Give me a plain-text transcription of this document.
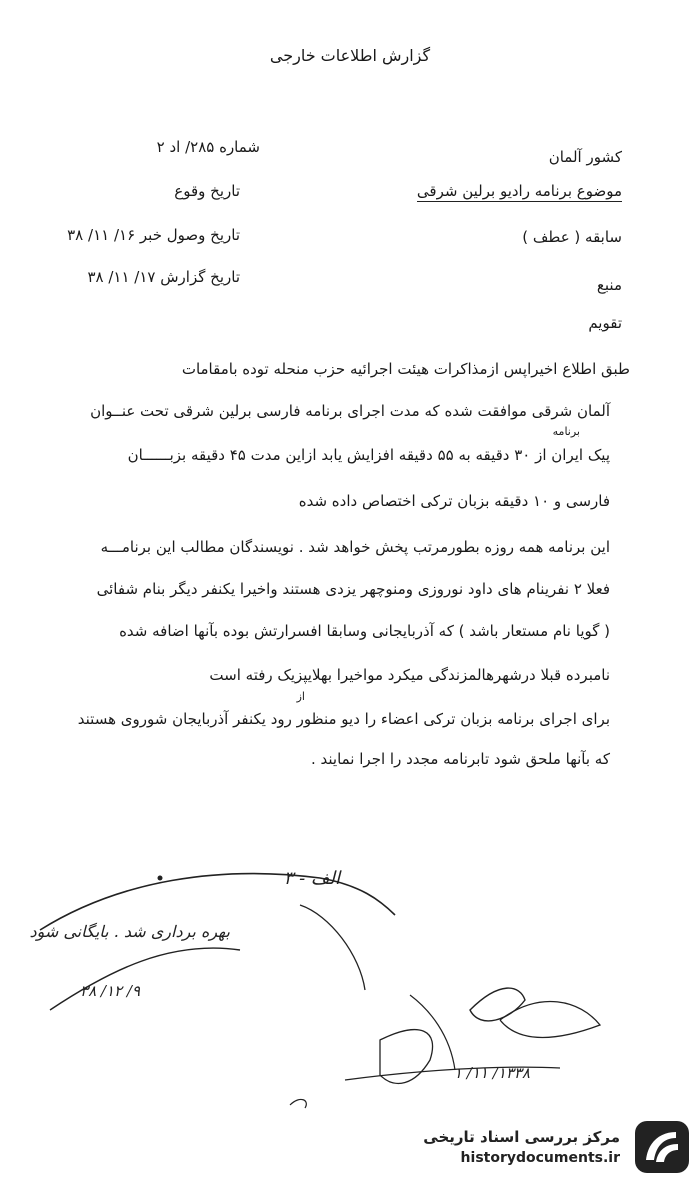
گزارش اطلاعات خارجی
کشور آلمان
شماره ۲۸۵/ اد ۲
موضوع برنامه رادیو برلین شرقی
تاریخ وقوع
سابقه ( عطف )
تاریخ وصول خبر ۱۶/ ۱۱/ ۳۸
منبع
تاریخ گزارش ۱۷/ ۱۱/ ۳۸
تقویم
طبق اطلاع اخیراپس ازمذاکرات هیئت اجرائیه حزب منحله توده بامقامات
آلمان شرقی موافقت شده که مدت اجرای برنامه فارسی برلین شرقی تحت عنــوان
برنامه
پیک ایران از ۳۰ دقیقه به ۵۵ دقیقه افزایش یابد ازاین مدت ۴۵ دقیقه بزبــــــان
فارسی و ۱۰ دقیقه بزبان ترکی اختصاص داده شده
این برنامه همه روزه بطورمرتب پخش خواهد شد . نویسندگان مطالب این برنامـــه
فعلا ۲ نفرینام های داود نوروزی ومنوچهر یزدی هستند واخیرا یکنفر دیگر بنام شفائی
( گویا نام مستعار باشد ) که آذربایجانی وسابقا افسرارتش بوده بآنها اضافه شده
نامبرده قبلا درشهرهالمزندگی میکرد مواخیرا بهلایپزیک رفته است
از
برای اجرای برنامه بزبان ترکی اعضاء را دیو منظور رود یکنفر آذربایجان شوروی هستند
که بآنها ملحق شود تابرنامه مجدد را اجرا نمایند .
الف - ۳
بهره برداری شد . بایگانی شود
۹/ ۱۲/ ۳۸
۱۳۳۸/ ۱۱/ ۱
مرکز بررسی اسناد تاریخی
historydocuments.ir
